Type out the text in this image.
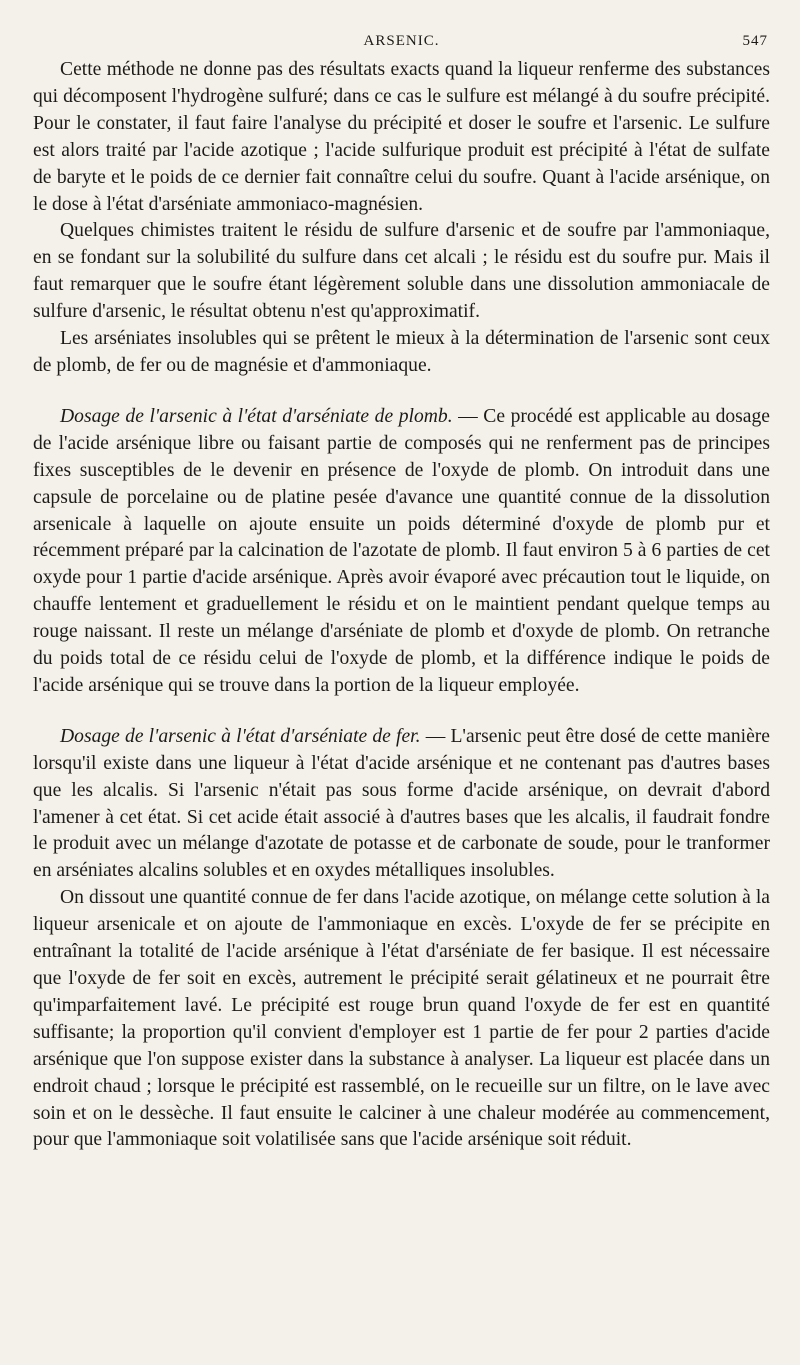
ARSENIC.	547

Cette méthode ne donne pas des résultats exacts quand la liqueur renferme des substances qui décomposent l'hydrogène sulfuré; dans ce cas le sulfure est mélangé à du soufre précipité. Pour le constater, il faut faire l'analyse du précipité et doser le soufre et l'arsenic. Le sulfure est alors traité par l'acide azotique ; l'acide sulfurique produit est précipité à l'état de sulfate de baryte et le poids de ce dernier fait connaître celui du soufre. Quant à l'acide arsénique, on le dose à l'état d'arséniate ammoniaco-magnésien.

Quelques chimistes traitent le résidu de sulfure d'arsenic et de soufre par l'ammoniaque, en se fondant sur la solubilité du sulfure dans cet alcali ; le résidu est du soufre pur. Mais il faut remarquer que le soufre étant légèrement soluble dans une dissolution ammoniacale de sulfure d'arsenic, le résultat obtenu n'est qu'approximatif.

Les arséniates insolubles qui se prêtent le mieux à la détermination de l'arsenic sont ceux de plomb, de fer ou de magnésie et d'ammoniaque.

Dosage de l'arsenic à l'état d'arséniate de plomb. — Ce procédé est applicable au dosage de l'acide arsénique libre ou faisant partie de composés qui ne renferment pas de principes fixes susceptibles de le devenir en présence de l'oxyde de plomb. On introduit dans une capsule de porcelaine ou de platine pesée d'avance une quantité connue de la dissolution arsenicale à laquelle on ajoute ensuite un poids déterminé d'oxyde de plomb pur et récemment préparé par la calcination de l'azotate de plomb. Il faut environ 5 à 6 parties de cet oxyde pour 1 partie d'acide arsénique. Après avoir évaporé avec précaution tout le liquide, on chauffe lentement et graduellement le résidu et on le maintient pendant quelque temps au rouge naissant. Il reste un mélange d'arséniate de plomb et d'oxyde de plomb. On retranche du poids total de ce résidu celui de l'oxyde de plomb, et la différence indique le poids de l'acide arsénique qui se trouve dans la portion de la liqueur employée.

Dosage de l'arsenic à l'état d'arséniate de fer. — L'arsenic peut être dosé de cette manière lorsqu'il existe dans une liqueur à l'état d'acide arsénique et ne contenant pas d'autres bases que les alcalis. Si l'arsenic n'était pas sous forme d'acide arsénique, on devrait d'abord l'amener à cet état. Si cet acide était associé à d'autres bases que les alcalis, il faudrait fondre le produit avec un mélange d'azotate de potasse et de carbonate de soude, pour le tranformer en arséniates alcalins solubles et en oxydes métalliques insolubles.

On dissout une quantité connue de fer dans l'acide azotique, on mélange cette solution à la liqueur arsenicale et on ajoute de l'ammoniaque en excès. L'oxyde de fer se précipite en entraînant la totalité de l'acide arsénique à l'état d'arséniate de fer basique. Il est nécessaire que l'oxyde de fer soit en excès, autrement le précipité serait gélatineux et ne pourrait être qu'imparfaitement lavé. Le précipité est rouge brun quand l'oxyde de fer est en quantité suffisante; la proportion qu'il convient d'employer est 1 partie de fer pour 2 parties d'acide arsénique que l'on suppose exister dans la substance à analyser. La liqueur est placée dans un endroit chaud ; lorsque le précipité est rassemblé, on le recueille sur un filtre, on le lave avec soin et on le dessèche. Il faut ensuite le calciner à une chaleur modérée au commencement, pour que l'ammoniaque soit volatilisée sans que l'acide arsénique soit réduit.
